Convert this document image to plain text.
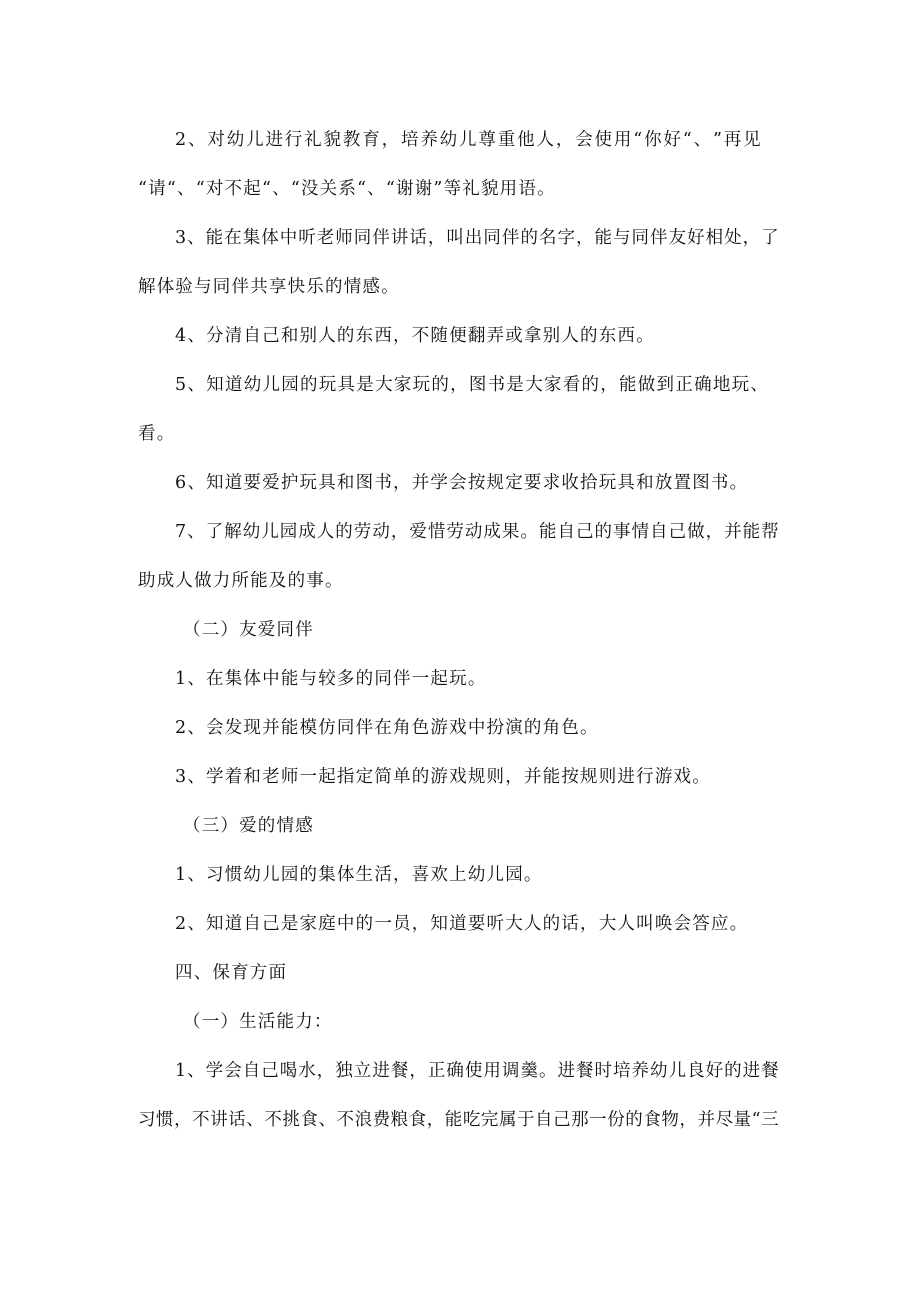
2 、 对 幼 儿 进 行 礼 貌 教 育 ， 培 养 幼 儿 尊 重 他 人 ， 会 使 用 “ 你 好 “ 、 ” 再 见
“请“、“对不起“、“没关系“、“谢谢”等礼貌用语。
3 、 能 在 集 体 中 听 老 师 同 伴 讲 话 ， 叫 出 同 伴 的 名 字 ， 能 与 同 伴 友 好 相 处 ， 了
解体验与同伴共享快乐的情感。
4、分清自己和别人的东西，不随便翻弄或拿别人的东西。
5 、 知 道 幼 儿 园 的 玩 具 是 大 家 玩 的 ， 图 书 是 大 家 看 的 ， 能 做 到 正 确 地 玩 、
看。
6、知道要爱护玩具和图书，并学会按规定要求收拾玩具和放置图书。
7 、 了 解 幼 儿 园 成 人 的 劳 动 ， 爱 惜 劳 动 成 果 。 能 自 己 的 事 情 自 己 做 ， 并 能 帮
助成人做力所能及的事。
（二）友爱同伴
1、在集体中能与较多的同伴一起玩。
2、会发现并能模仿同伴在角色游戏中扮演的角色。
3、学着和老师一起指定简单的游戏规则，并能按规则进行游戏。
（三）爱的情感
1、习惯幼儿园的集体生活，喜欢上幼儿园。
2、知道自己是家庭中的一员，知道要听大人的话，大人叫唤会答应。
四、保育方面
（一）生活能力：
1 、 学 会 自 己 喝 水 ， 独 立 进 餐 ， 正 确 使 用 调 羹 。 进 餐 时 培 养 幼 儿 良 好 的 进 餐
习 惯 ， 不 讲 话 、 不 挑 食 、 不 浪 费 粮 食 ， 能 吃 完 属 于 自 己 那 一 份 的 食 物 ， 并 尽 量 “ 三
